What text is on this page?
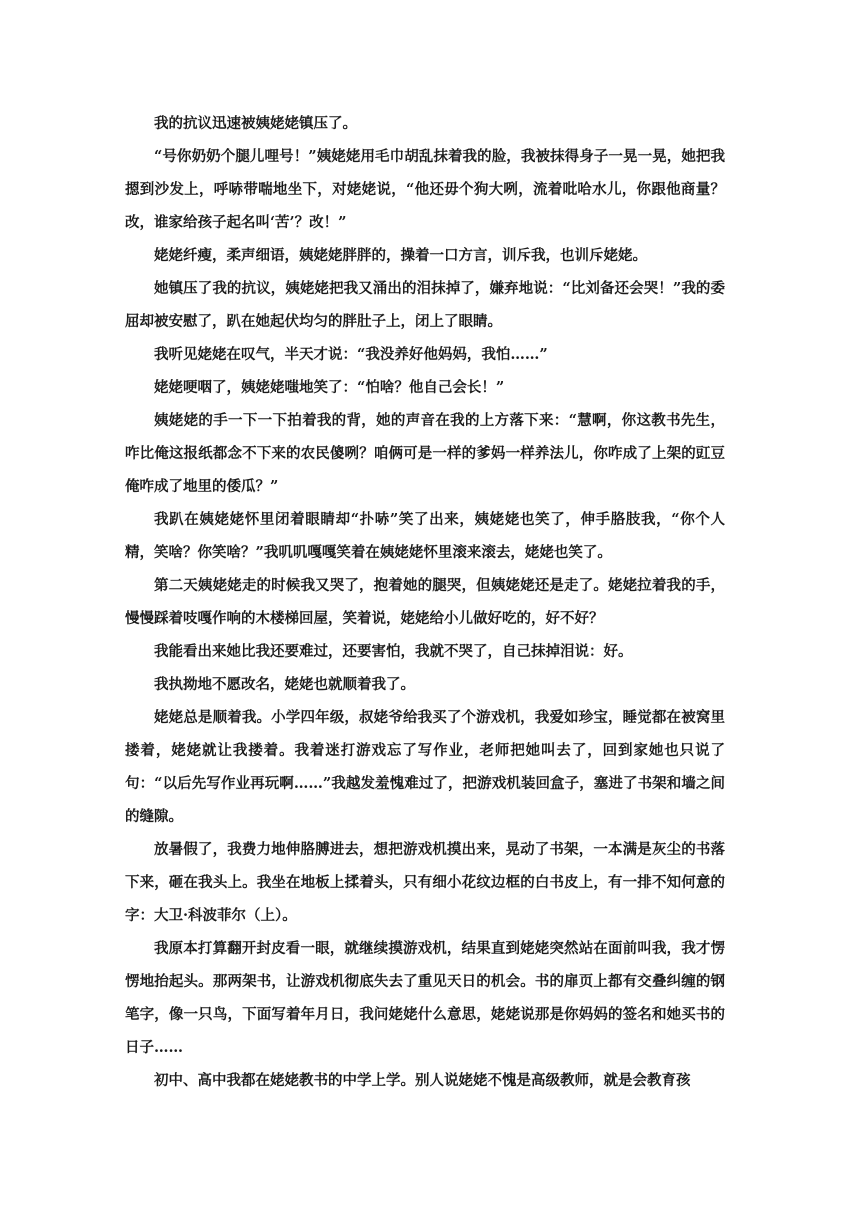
我的抗议迅速被姨姥姥镇压了。

“号你奶奶个腿儿哩号！”姨姥姥用毛巾胡乱抹着我的脸，我被抹得身子一晃一晃，她把我摁到沙发上，呼哧带喘地坐下，对姥姥说，“他还毋个狗大咧，流着吡哈水儿，你跟他商量？改，谁家给孩子起名叫‘苦’？改！”

姥姥纤瘦，柔声细语，姨姥姥胖胖的，操着一口方言，训斥我，也训斥姥姥。

她镇压了我的抗议，姨姥姥把我又涌出的泪抹掉了，嫌弃地说：“比刘备还会哭！”我的委屈却被安慰了，趴在她起伏均匀的胖肚子上，闭上了眼睛。

我听见姥姥在叹气，半天才说：“我没养好他妈妈，我怕……”

姥姥哽咽了，姨姥姥嗤地笑了：“怕啥？他自己会长！”

姨姥姥的手一下一下拍着我的背，她的声音在我的上方落下来：“慧啊，你这教书先生，咋比俺这报纸都念不下来的农民傻咧？咱俩可是一样的爹妈一样养法儿，你咋成了上架的豇豆俺咋成了地里的倭瓜？”

我趴在姨姥姥怀里闭着眼睛却“扑哧”笑了出来，姨姥姥也笑了，伸手胳肢我，“你个人精，笑啥？你笑啥？”我叽叽嘎嘎笑着在姨姥姥怀里滚来滚去，姥姥也笑了。

第二天姨姥姥走的时候我又哭了，抱着她的腿哭，但姨姥姥还是走了。姥姥拉着我的手，慢慢踩着吱嘎作响的木楼梯回屋，笑着说，姥姥给小儿做好吃的，好不好？

我能看出来她比我还要难过，还要害怕，我就不哭了，自己抹掉泪说：好。

我执拗地不愿改名，姥姥也就顺着我了。

姥姥总是顺着我。小学四年级，叔姥爷给我买了个游戏机，我爱如珍宝，睡觉都在被窝里搂着，姥姥就让我搂着。我着迷打游戏忘了写作业，老师把她叫去了，回到家她也只说了句：“以后先写作业再玩啊……”我越发羞愧难过了，把游戏机装回盒子，塞进了书架和墙之间的缝隙。

放暑假了，我费力地伸胳膊进去，想把游戏机摸出来，晃动了书架，一本满是灰尘的书落下来，砸在我头上。我坐在地板上揉着头，只有细小花纹边框的白书皮上，有一排不知何意的字：大卫·科波菲尔（上）。

我原本打算翻开封皮看一眼，就继续摸游戏机，结果直到姥姥突然站在面前叫我，我才愣愣地抬起头。那两架书，让游戏机彻底失去了重见天日的机会。书的扉页上都有交叠纠缠的钢笔字，像一只鸟，下面写着年月日，我问姥姥什么意思，姥姥说那是你妈妈的签名和她买书的日子……

初中、高中我都在姥姥教书的中学上学。别人说姥姥不愧是高级教师，就是会教育孩
